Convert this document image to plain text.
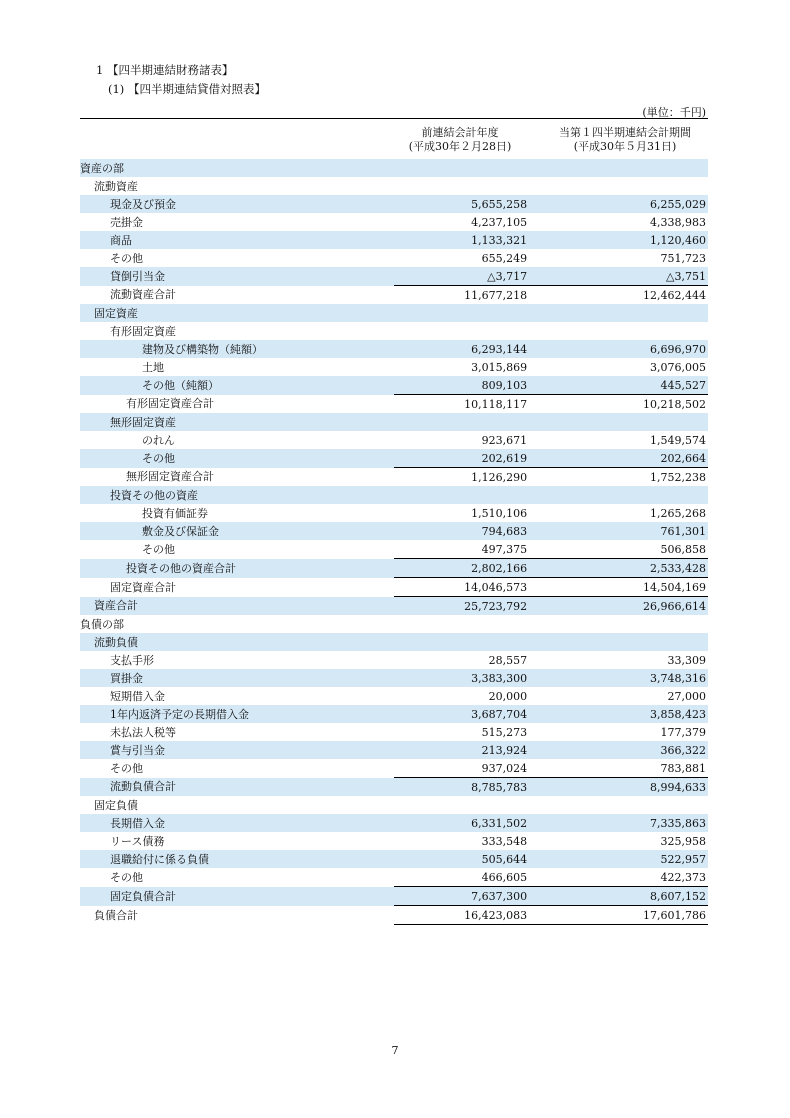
1 【四半期連結財務諸表】
(1) 【四半期連結貸借対照表】
(単位：千円)
前連結会計年度
(平成30年２月28日)
当第１四半期連結会計期間
(平成30年５月31日)
資産の部			
流動資産			
現金及び預金		5,655,258	6,255,029
売掛金		4,237,105	4,338,983
商品		1,133,321	1,120,460
その他		655,249	751,723
貸倒引当金		△3,717	△3,751
流動資産合計		11,677,218	12,462,444
固定資産			
有形固定資産			
建物及び構築物（純額）		6,293,144	6,696,970
土地		3,015,869	3,076,005
その他（純額）		809,103	445,527
有形固定資産合計		10,118,117	10,218,502
無形固定資産			
のれん		923,671	1,549,574
その他		202,619	202,664
無形固定資産合計		1,126,290	1,752,238
投資その他の資産			
投資有価証券		1,510,106	1,265,268
敷金及び保証金		794,683	761,301
その他		497,375	506,858
投資その他の資産合計		2,802,166	2,533,428
固定資産合計		14,046,573	14,504,169
資産合計		25,723,792	26,966,614
負債の部			
流動負債			
支払手形		28,557	33,309
買掛金		3,383,300	3,748,316
短期借入金		20,000	27,000
1年内返済予定の長期借入金		3,687,704	3,858,423
未払法人税等		515,273	177,379
賞与引当金		213,924	366,322
その他		937,024	783,881
流動負債合計		8,785,783	8,994,633
固定負債			
長期借入金		6,331,502	7,335,863
リース債務		333,548	325,958
退職給付に係る負債		505,644	522,957
その他		466,605	422,373
固定負債合計		7,637,300	8,607,152
負債合計		16,423,083	17,601,786
7
